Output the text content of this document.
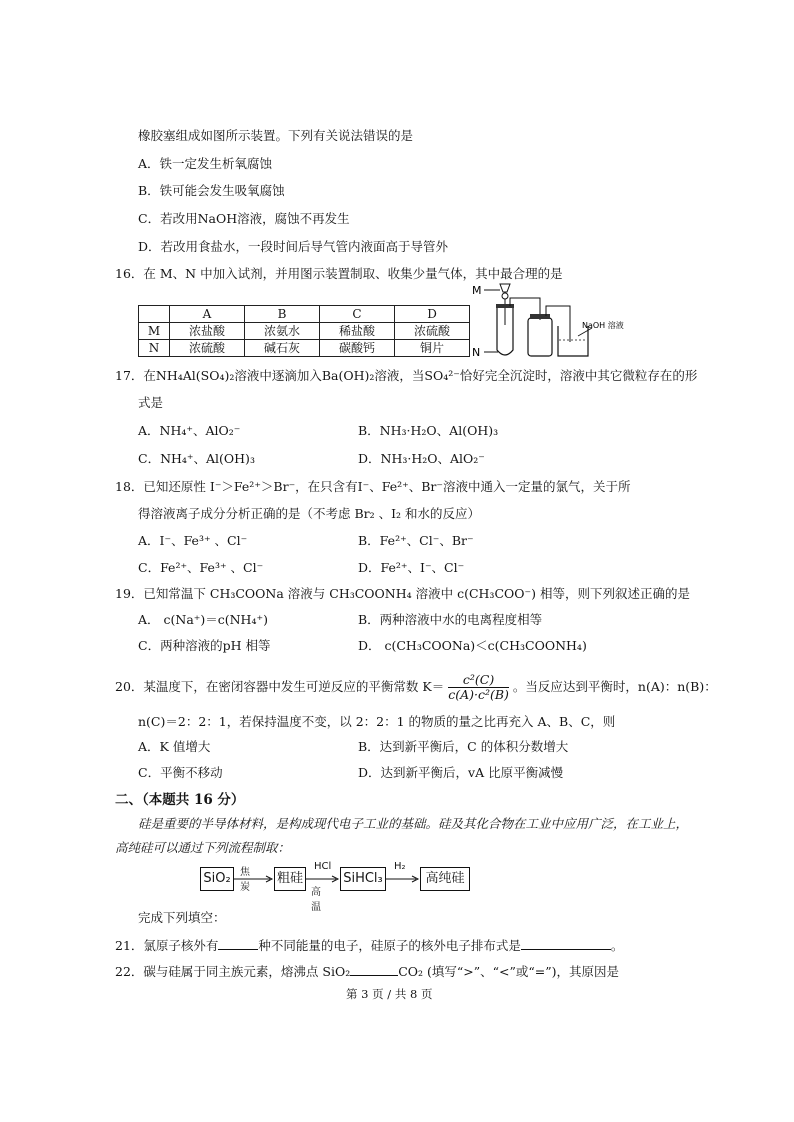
橡胶塞组成如图所示装置。下列有关说法错误的是
A．铁一定发生析氧腐蚀
B．铁可能会发生吸氧腐蚀
C．若改用NaOH溶液，腐蚀不再发生
D．若改用食盐水，一段时间后导气管内液面高于导管外
16．在 M、N 中加入试剂，并用图示装置制取、收集少量气体，其中最合理的是
	A	B	C	D
M	浓盐酸	浓氨水	稀盐酸	浓硫酸
N	浓硫酸	碱石灰	碳酸钙	铜片
M
N
NaOH 溶液
17．在NH₄Al(SO₄)₂溶液中逐滴加入Ba(OH)₂溶液，当SO₄²⁻恰好完全沉淀时，溶液中其它微粒存在的形
式是
A．NH₄⁺、AlO₂⁻	B．NH₃·H₂O、Al(OH)₃
C．NH₄⁺、Al(OH)₃	D．NH₃·H₂O、AlO₂⁻
18．已知还原性 I⁻＞Fe²⁺＞Br⁻，在只含有I⁻、Fe²⁺、Br⁻溶液中通入一定量的氯气，关于所
得溶液离子成分分析正确的是（不考虑 Br₂ 、I₂ 和水的反应）
A．I⁻、Fe³⁺ 、Cl⁻	B．Fe²⁺、Cl⁻、Br⁻
C．Fe²⁺、Fe³⁺ 、Cl⁻	D．Fe²⁺、I⁻、Cl⁻
19．已知常温下 CH₃COONa 溶液与 CH₃COONH₄ 溶液中 c(CH₃COO⁻) 相等，则下列叙述正确的是
A． c(Na⁺)＝c(NH₄⁺)	B．两种溶液中水的电离程度相等
C．两种溶液的pH 相等	D． c(CH₃COONa)＜c(CH₃COONH₄)
20．某温度下，在密闭容器中发生可逆反应的平衡常数 $K= \frac{\text{c²(C)}}{\text{c(A)·c²(B)}}$ 。当反应达到平衡时，n(A)：n(B)：
n(C)＝2：2：1，若保持温度不变，以 2：2：1 的物质的量之比再充入 A、B、C，则
A．K 值增大	B．达到新平衡后，C 的体积分数增大
C．平衡不移动	D．达到新平衡后，vA 比原平衡减慢
二、（本题共 16 分）
硅是重要的半导体材料，是构成现代电子工业的基础。硅及其化合物在工业中应用广泛，在工业上，
高纯硅可以通过下列流程制取：
SiO₂ 焦炭
粗硅
HCl
高温
SiHCl₃
H₂
高纯硅
完成下列填空：
21．氯原子核外有	种不同能量的电子，硅原子的核外电子排布式是	。
22．碳与硅属于同主族元素，熔沸点 SiO₂	CO₂ (填写“>”、“<”或“=”)，其原因是
第 3 页 / 共 8 页
